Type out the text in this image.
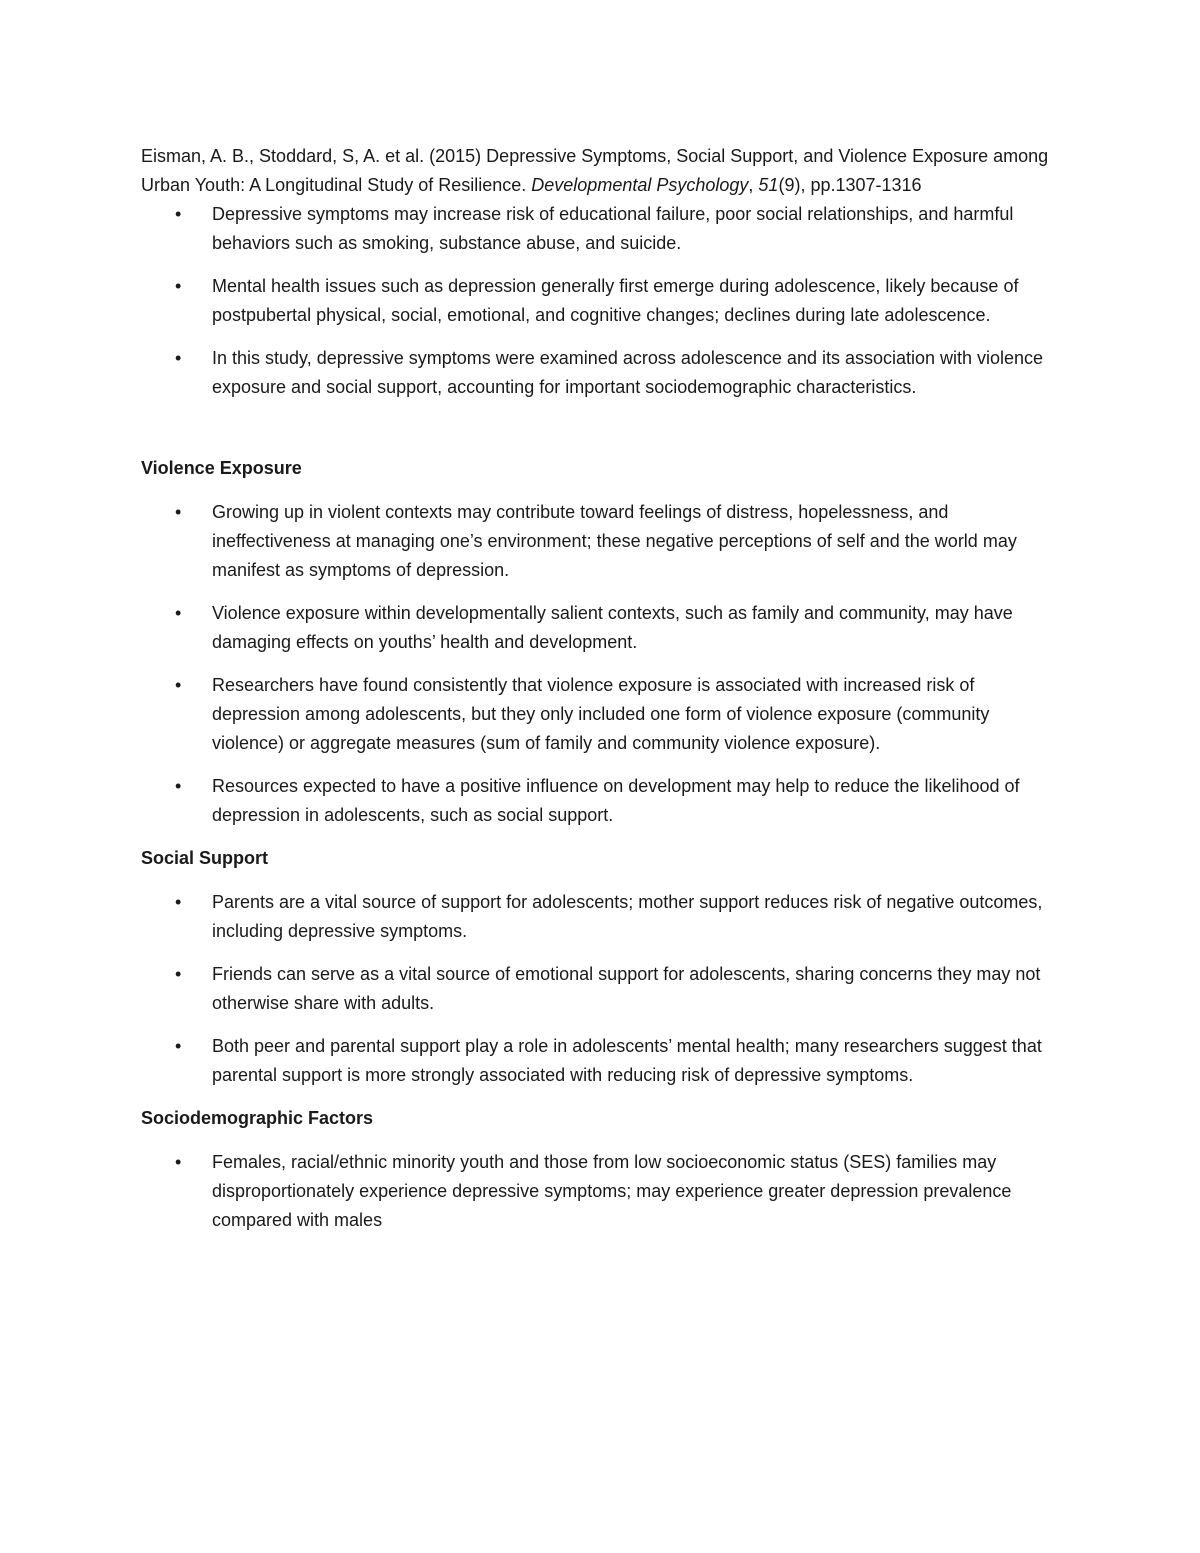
Eisman, A. B., Stoddard, S, A. et al. (2015) Depressive Symptoms, Social Support, and Violence Exposure among Urban Youth: A Longitudinal Study of Resilience. Developmental Psychology, 51(9), pp.1307-1316

• Depressive symptoms may increase risk of educational failure, poor social relationships, and harmful behaviors such as smoking, substance abuse, and suicide.
• Mental health issues such as depression generally first emerge during adolescence, likely because of postpubertal physical, social, emotional, and cognitive changes; declines during late adolescence.
• In this study, depressive symptoms were examined across adolescence and its association with violence exposure and social support, accounting for important sociodemographic characteristics.

Violence Exposure

• Growing up in violent contexts may contribute toward feelings of distress, hopelessness, and ineffectiveness at managing one’s environment; these negative perceptions of self and the world may manifest as symptoms of depression.
• Violence exposure within developmentally salient contexts, such as family and community, may have damaging effects on youths’ health and development.
• Researchers have found consistently that violence exposure is associated with increased risk of depression among adolescents, but they only included one form of violence exposure (community violence) or aggregate measures (sum of family and community violence exposure).
• Resources expected to have a positive influence on development may help to reduce the likelihood of depression in adolescents, such as social support.

Social Support

• Parents are a vital source of support for adolescents; mother support reduces risk of negative outcomes, including depressive symptoms.
• Friends can serve as a vital source of emotional support for adolescents, sharing concerns they may not otherwise share with adults.
• Both peer and parental support play a role in adolescents’ mental health; many researchers suggest that parental support is more strongly associated with reducing risk of depressive symptoms.

Sociodemographic Factors

• Females, racial/ethnic minority youth and those from low socioeconomic status (SES) families may disproportionately experience depressive symptoms; may experience greater depression prevalence compared with males
